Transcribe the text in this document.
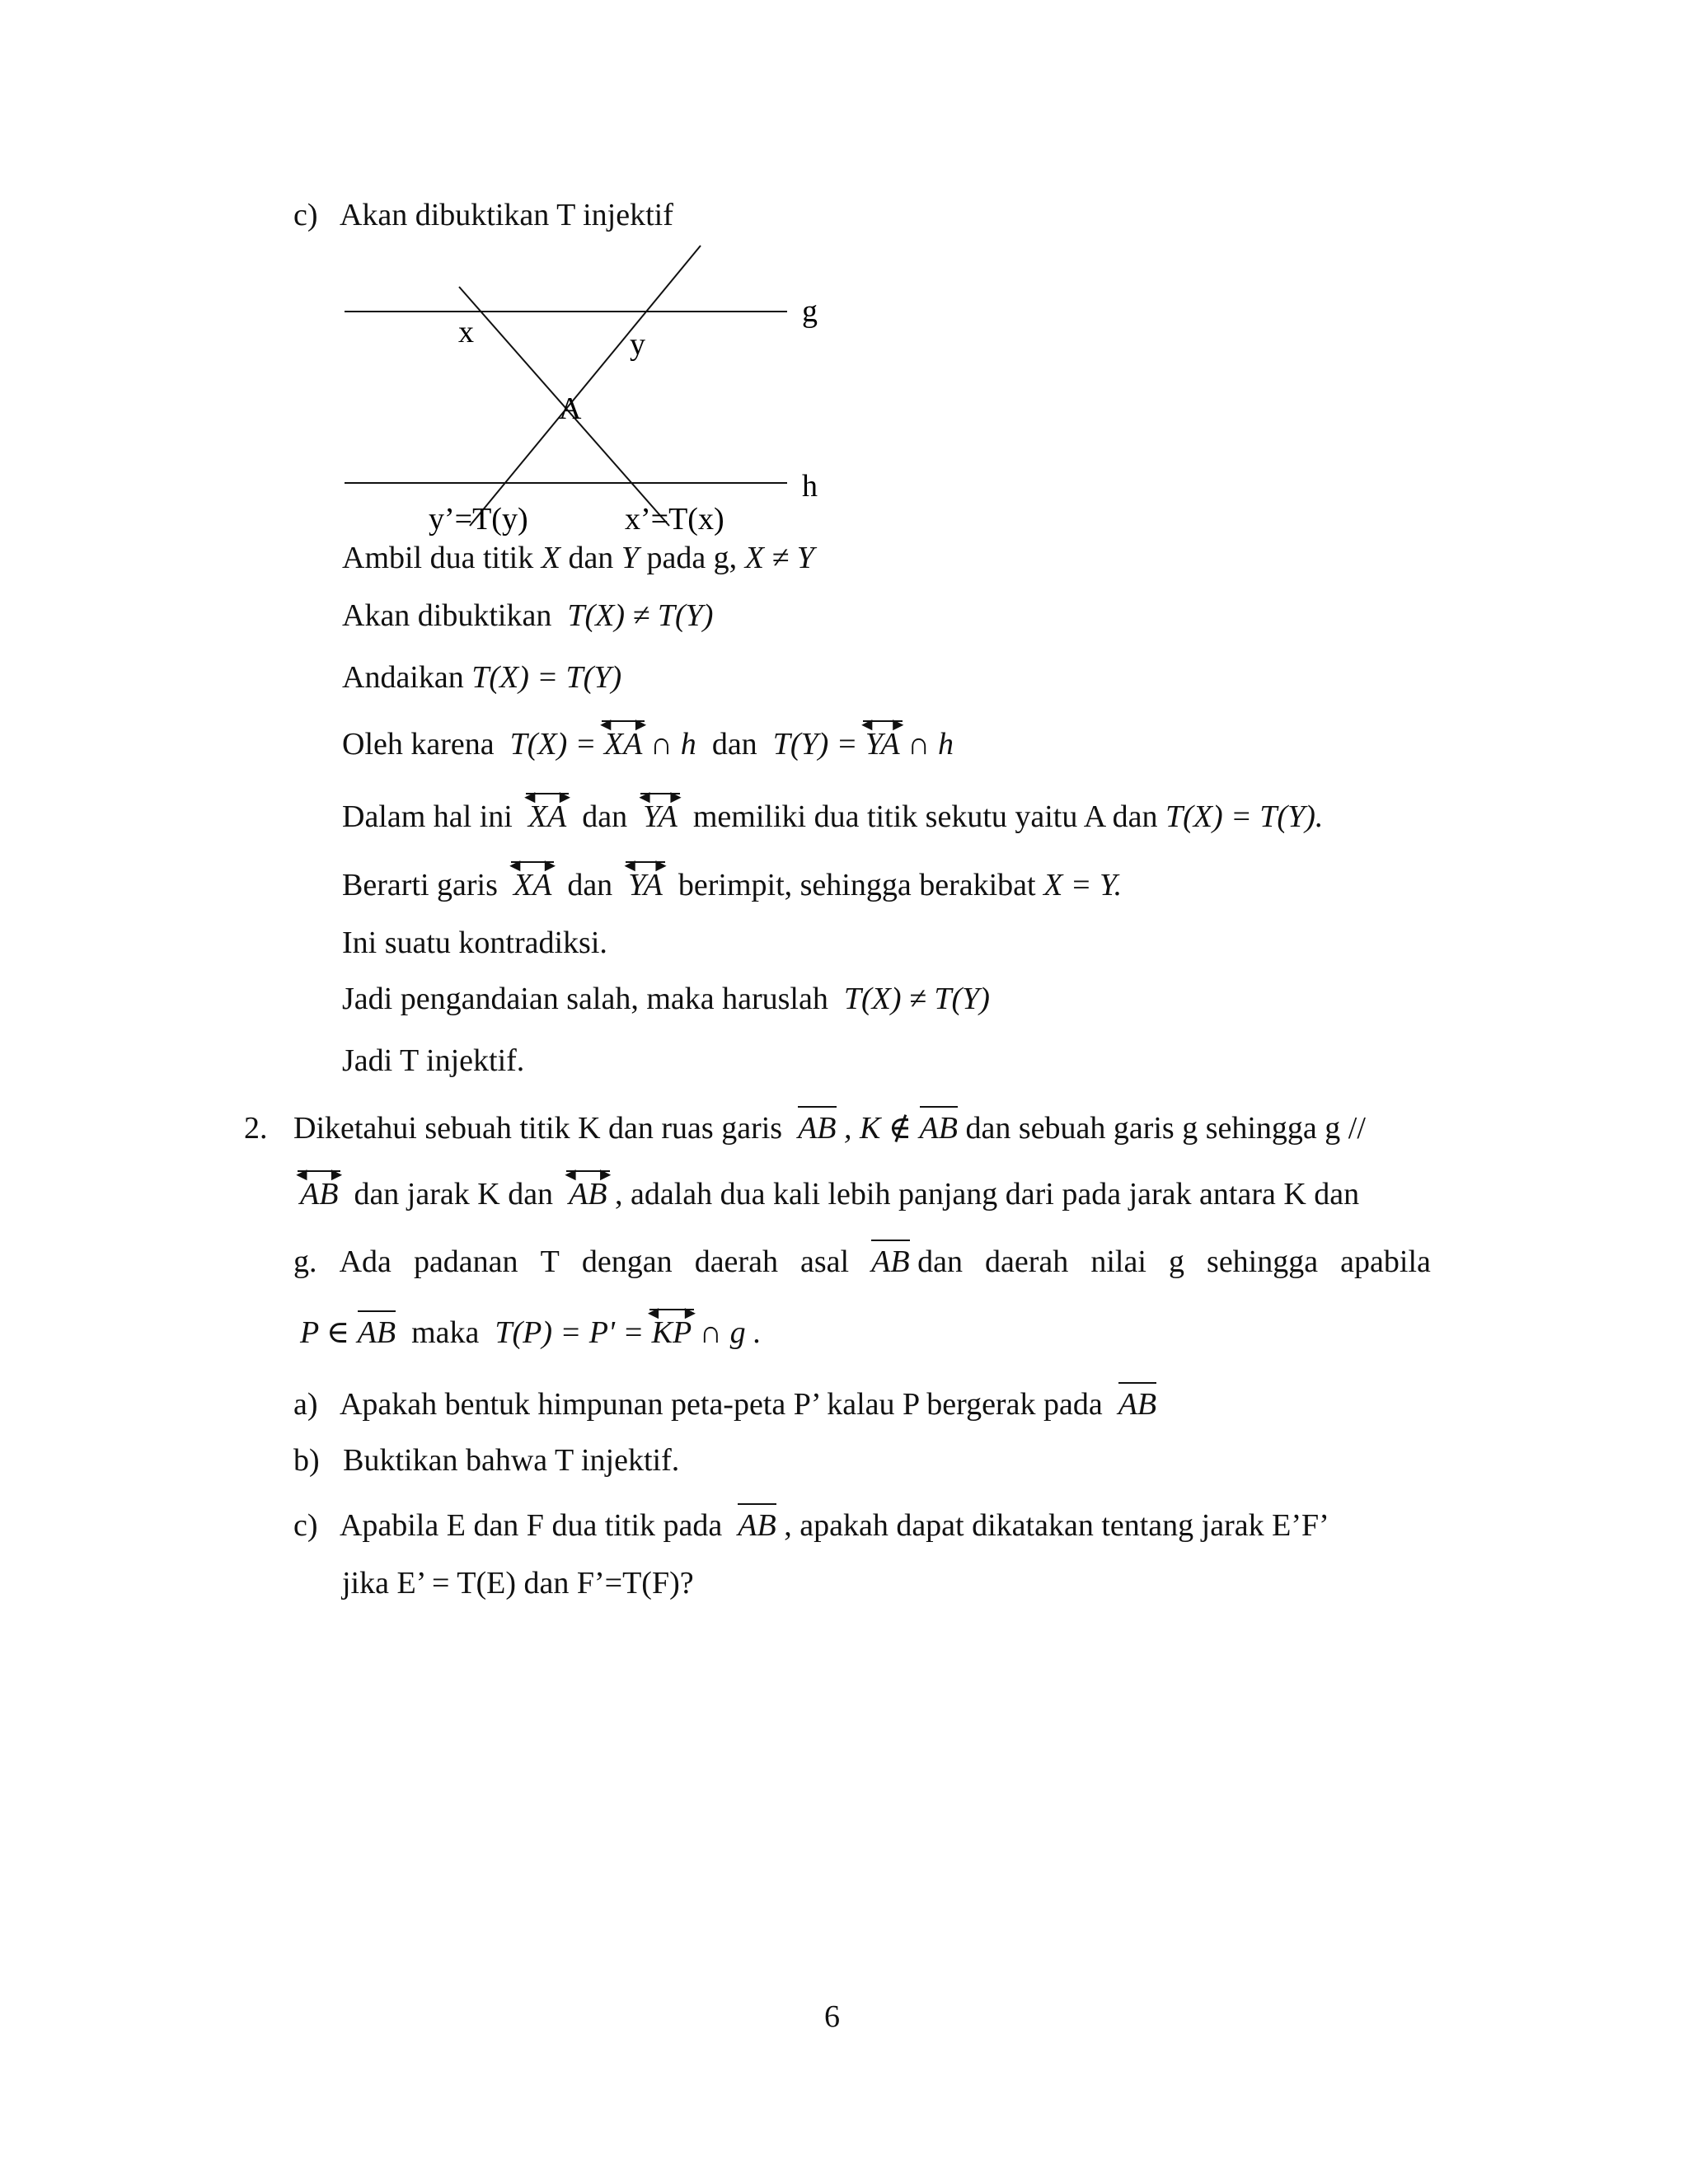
c) Akan dibuktikan T injektif
x	y
g
A
h
y’=T(y)	x’=T(x)
Ambil dua titik X dan Y pada g, X ≠ Y
Akan dibuktikan T(X) ≠ T(Y)
Andaikan T(X) = T(Y)
Oleh karena T(X) =
◄
XA
►
∩ h dan T(Y) =
◄
YA
►
∩ h
Dalam hal ini
◄
XA
►
dan
◄
YA
►
memiliki dua titik sekutu yaitu A dan T(X) = T(Y).
Berarti garis
◄
XA
►
dan
◄
YA
►
berimpit, sehingga berakibat X = Y.
Ini suatu kontradiksi.
Jadi pengandaian salah, maka haruslah T(X) ≠ T(Y)
Jadi T injektif.
2. Diketahui sebuah titik K dan ruas garis AB , K ∉ AB dan sebuah garis g sehingga g //
◄
AB
►
dan jarak K dan
◄
AB
►
, adalah dua kali lebih panjang dari pada jarak antara K dan
g. Ada padanan T dengan daerah asal AB dan daerah nilai g sehingga apabila
P ∈ AB maka T(P) = P' =
◄
KP
►
∩ g .
a) Apakah bentuk himpunan peta-peta P’ kalau P bergerak pada AB
b) Buktikan bahwa T injektif.
c) Apabila E dan F dua titik pada AB , apakah dapat dikatakan tentang jarak E’F’
jika E’ = T(E) dan F’=T(F)?
6
